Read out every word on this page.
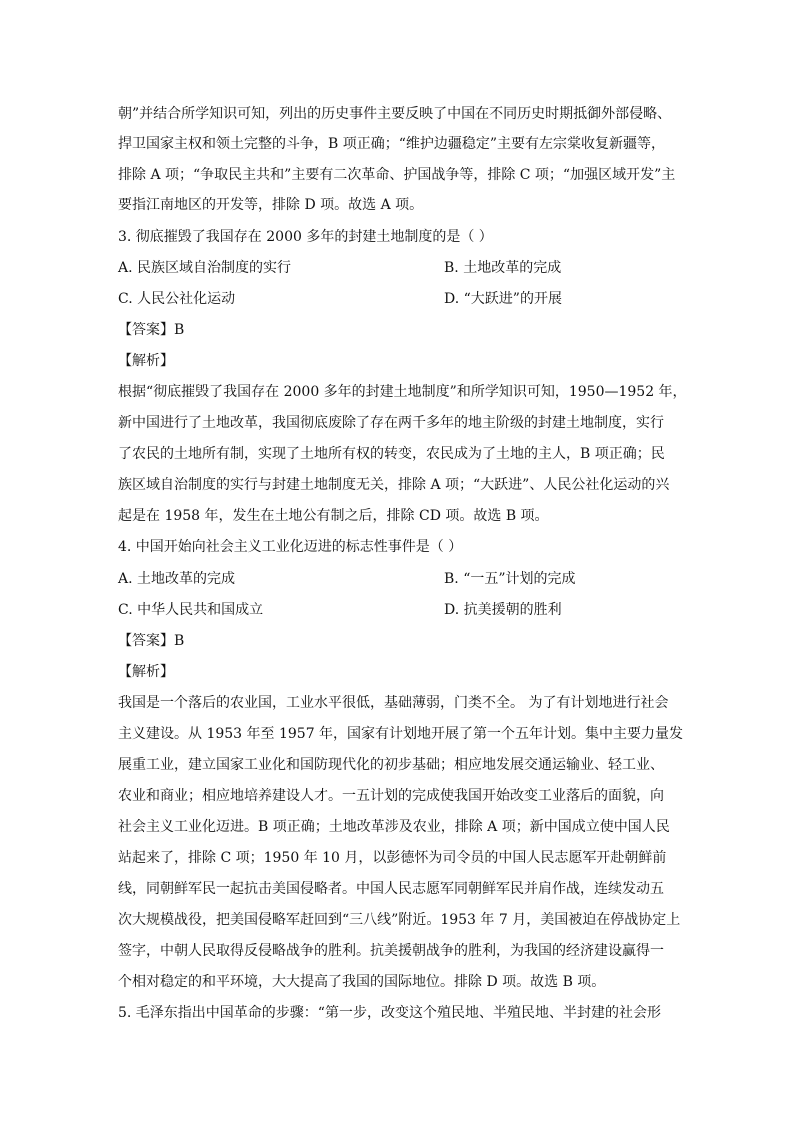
朝”并结合所学知识可知，列出的历史事件主要反映了中国在不同历史时期抵御外部侵略、
捍卫国家主权和领土完整的斗争，B 项正确；“维护边疆稳定”主要有左宗棠收复新疆等，
排除 A 项；“争取民主共和”主要有二次革命、护国战争等，排除 C 项；“加强区域开发”主
要指江南地区的开发等，排除 D 项。故选 A 项。
3. 彻底摧毁了我国存在 2000 多年的封建土地制度的是（ ）
A. 民族区域自治制度的实行	B. 土地改革的完成
C. 人民公社化运动	D. “大跃进”的开展
【答案】B
【解析】
根据“彻底摧毁了我国存在 2000 多年的封建土地制度”和所学知识可知，1950—1952 年，
新中国进行了土地改革，我国彻底废除了存在两千多年的地主阶级的封建土地制度，实行
了农民的土地所有制，实现了土地所有权的转变，农民成为了土地的主人，B 项正确；民
族区域自治制度的实行与封建土地制度无关，排除 A 项；“大跃进”、人民公社化运动的兴
起是在 1958 年，发生在土地公有制之后，排除 CD 项。故选 B 项。
4. 中国开始向社会主义工业化迈进的标志性事件是（ ）
A. 土地改革的完成	B. “一五”计划的完成
C. 中华人民共和国成立	D. 抗美援朝的胜利
【答案】B
【解析】
我国是一个落后的农业国，工业水平很低，基础薄弱，门类不全。 为了有计划地进行社会
主义建设。从 1953 年至 1957 年，国家有计划地开展了第一个五年计划。集中主要力量发
展重工业，建立国家工业化和国防现代化的初步基础；相应地发展交通运输业、轻工业、
农业和商业；相应地培养建设人才。一五计划的完成使我国开始改变工业落后的面貌，向
社会主义工业化迈进。B 项正确；土地改革涉及农业，排除 A 项；新中国成立使中国人民
站起来了，排除 C 项；1950 年 10 月，以彭德怀为司令员的中国人民志愿军开赴朝鲜前
线，同朝鲜军民一起抗击美国侵略者。中国人民志愿军同朝鲜军民并肩作战，连续发动五
次大规模战役，把美国侵略军赶回到“三八线”附近。1953 年 7 月，美国被迫在停战协定上
签字，中朝人民取得反侵略战争的胜利。抗美援朝战争的胜利，为我国的经济建设赢得一
个相对稳定的和平环境，大大提高了我国的国际地位。排除 D 项。故选 B 项。
5. 毛泽东指出中国革命的步骤：“第一步，改变这个殖民地、半殖民地、半封建的社会形
